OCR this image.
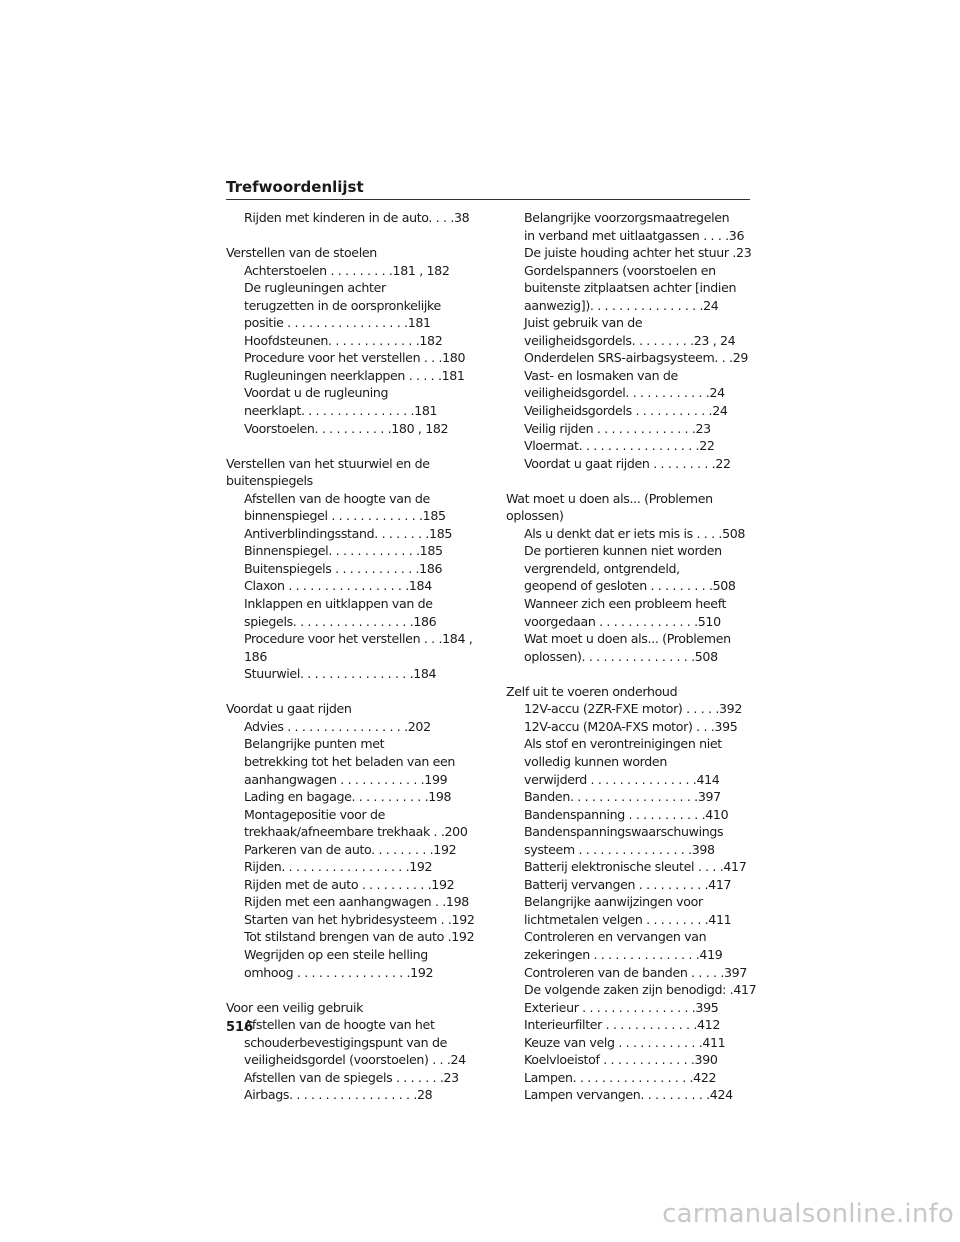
Trefwoordenlijst
Rijden met kinderen in de auto. . . .38
Verstellen van de stoelen
Achterstoelen . . . . . . . . .181 , 182
De rugleuningen achter
terugzetten in de oorspronkelijke
positie . . . . . . . . . . . . . . . . .181
Hoofdsteunen. . . . . . . . . . . . .182
Procedure voor het verstellen . . .180
Rugleuningen neerklappen . . . . .181
Voordat u de rugleuning
neerklapt. . . . . . . . . . . . . . . .181
Voorstoelen. . . . . . . . . . .180 , 182
Verstellen van het stuurwiel en de
buitenspiegels
Afstellen van de hoogte van de
binnenspiegel . . . . . . . . . . . . .185
Antiverblindingsstand. . . . . . . .185
Binnenspiegel. . . . . . . . . . . . .185
Buitenspiegels . . . . . . . . . . . .186
Claxon . . . . . . . . . . . . . . . . .184
Inklappen en uitklappen van de
spiegels. . . . . . . . . . . . . . . . .186
Procedure voor het verstellen . . .184 ,
186
Stuurwiel. . . . . . . . . . . . . . . .184
Voordat u gaat rijden
Advies . . . . . . . . . . . . . . . . .202
Belangrijke punten met
betrekking tot het beladen van een
aanhangwagen . . . . . . . . . . . .199
Lading en bagage. . . . . . . . . . .198
Montagepositie voor de
trekhaak/afneembare trekhaak . .200
Parkeren van de auto. . . . . . . . .192
Rijden. . . . . . . . . . . . . . . . . .192
Rijden met de auto . . . . . . . . . .192
Rijden met een aanhangwagen . .198
Starten van het hybridesysteem . .192
Tot stilstand brengen van de auto .192
Wegrijden op een steile helling
omhoog . . . . . . . . . . . . . . . .192
Voor een veilig gebruik
Afstellen van de hoogte van het
schouderbevestigingspunt van de
veiligheidsgordel (voorstoelen) . . .24
Afstellen van de spiegels . . . . . . .23
Airbags. . . . . . . . . . . . . . . . . .28
Belangrijke voorzorgsmaatregelen
in verband met uitlaatgassen . . . .36
De juiste houding achter het stuur .23
Gordelspanners (voorstoelen en
buitenste zitplaatsen achter [indien
aanwezig]). . . . . . . . . . . . . . . .24
Juist gebruik van de
veiligheidsgordels. . . . . . . . .23 , 24
Onderdelen SRS-airbagsysteem. . .29
Vast- en losmaken van de
veiligheidsgordel. . . . . . . . . . . .24
Veiligheidsgordels . . . . . . . . . . .24
Veilig rijden . . . . . . . . . . . . . .23
Vloermat. . . . . . . . . . . . . . . . .22
Voordat u gaat rijden . . . . . . . . .22
Wat moet u doen als... (Problemen
oplossen)
Als u denkt dat er iets mis is . . . .508
De portieren kunnen niet worden
vergrendeld, ontgrendeld,
geopend of gesloten . . . . . . . . .508
Wanneer zich een probleem heeft
voorgedaan . . . . . . . . . . . . . .510
Wat moet u doen als... (Problemen
oplossen). . . . . . . . . . . . . . . .508
Zelf uit te voeren onderhoud
12V-accu (2ZR-FXE motor) . . . . .392
12V-accu (M20A-FXS motor) . . .395
Als stof en verontreinigingen niet
volledig kunnen worden
verwijderd . . . . . . . . . . . . . . .414
Banden. . . . . . . . . . . . . . . . . .397
Bandenspanning . . . . . . . . . . .410
Bandenspanningswaarschuwings
systeem . . . . . . . . . . . . . . . .398
Batterij elektronische sleutel . . . .417
Batterij vervangen . . . . . . . . . .417
Belangrijke aanwijzingen voor
lichtmetalen velgen . . . . . . . . .411
Controleren en vervangen van
zekeringen . . . . . . . . . . . . . . .419
Controleren van de banden . . . . .397
De volgende zaken zijn benodigd: .417
Exterieur . . . . . . . . . . . . . . . .395
Interieurfilter . . . . . . . . . . . . .412
Keuze van velg . . . . . . . . . . . .411
Koelvloeistof . . . . . . . . . . . . .390
Lampen. . . . . . . . . . . . . . . . .422
Lampen vervangen. . . . . . . . . .424
516
carmanualsonline.info
